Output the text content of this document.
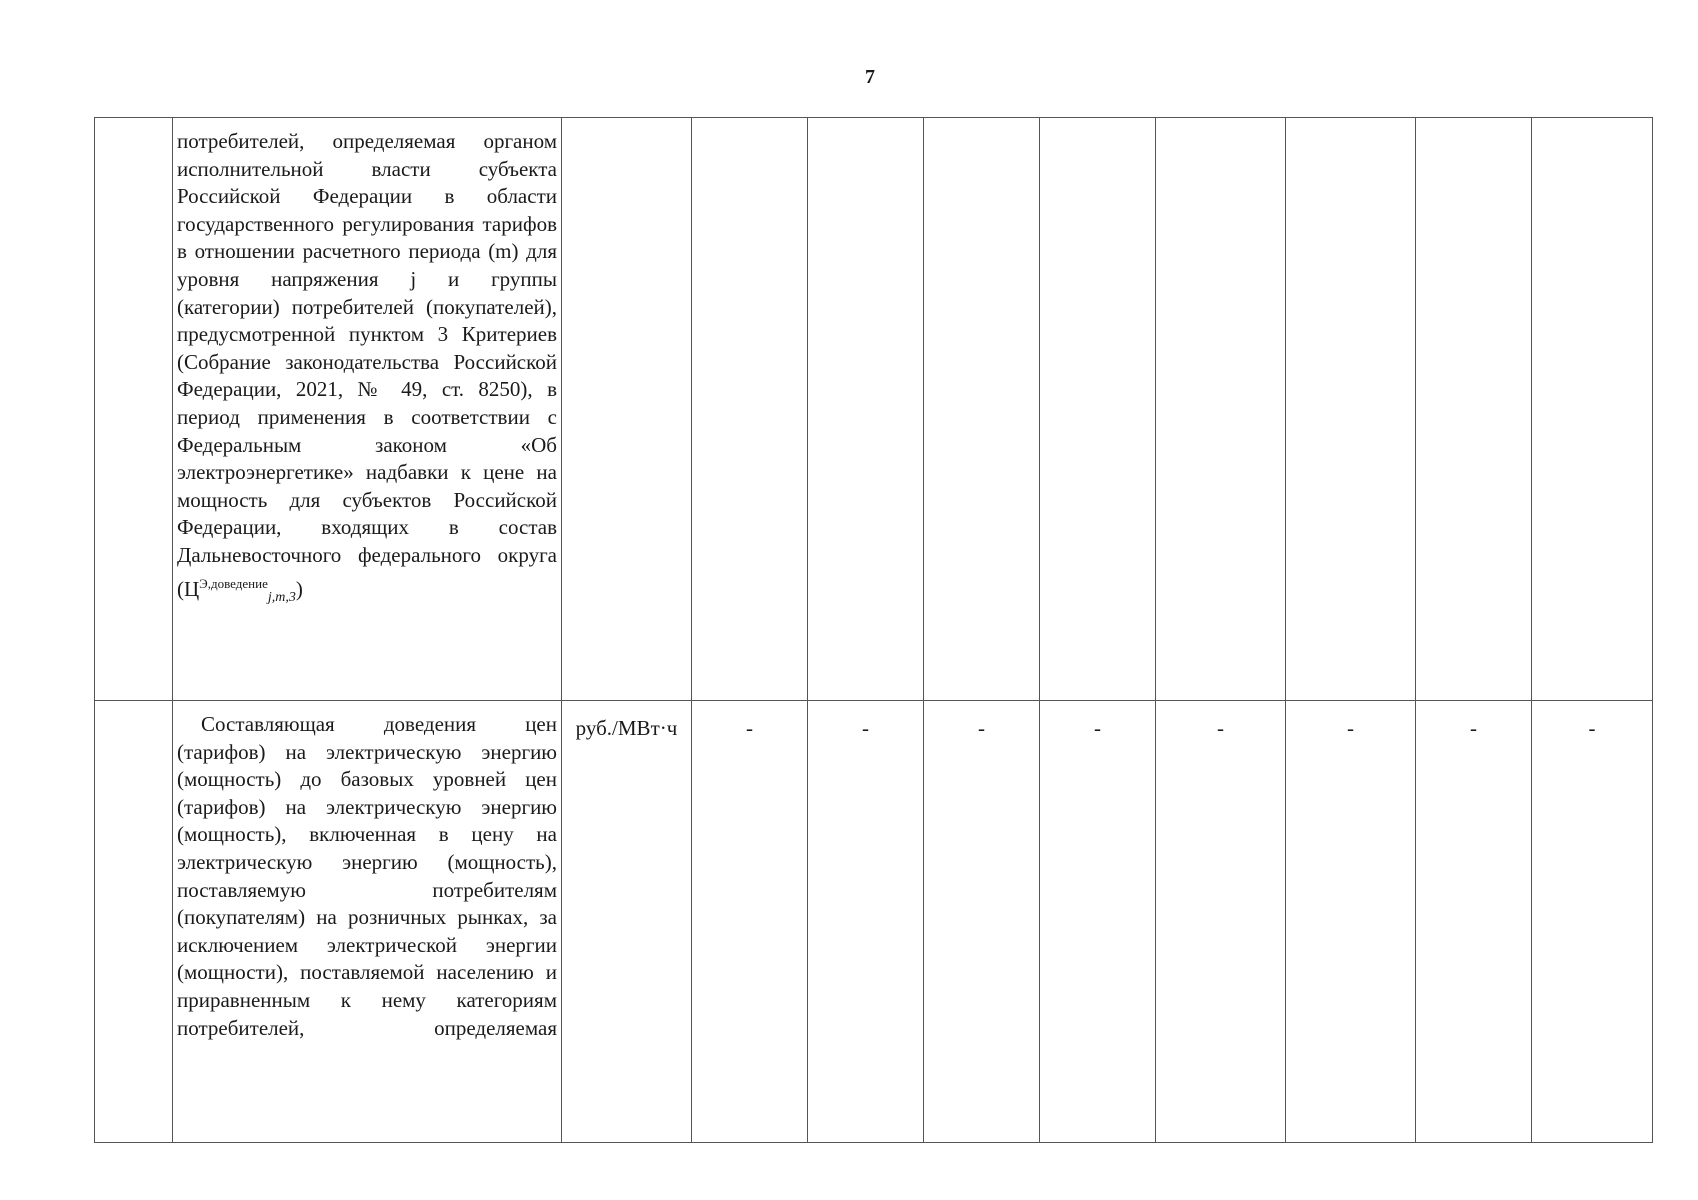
7

	потребителей, определяемая органом исполнительной власти субъекта Российской Федерации в области государственного регулирования тарифов в отношении расчетного периода (m) для уровня напряжения j и группы (категории) потребителей (покупателей), предусмотренной пунктом 3 Критериев (Собрание законодательства Российской Федерации, 2021, № 49, ст. 8250), в период применения в соответствии с Федеральным законом «Об электроэнергетике» надбавки к цене на мощность для субъектов Российской Федерации, входящих в состав Дальневосточного федерального округа $(Ц^{Э,доведение}_{j,m,3})$									

	Составляющая доведения цен (тарифов) на электрическую энергию (мощность) до базовых уровней цен (тарифов) на электрическую энергию (мощность), включенная в цену на электрическую энергию (мощность), поставляемую потребителям (покупателям) на розничных рынках, за исключением электрической энергии (мощности), поставляемой населению и приравненным к нему категориям потребителей, определяемая	руб./МВт·ч	-	-	-	-	-	-	-	-
